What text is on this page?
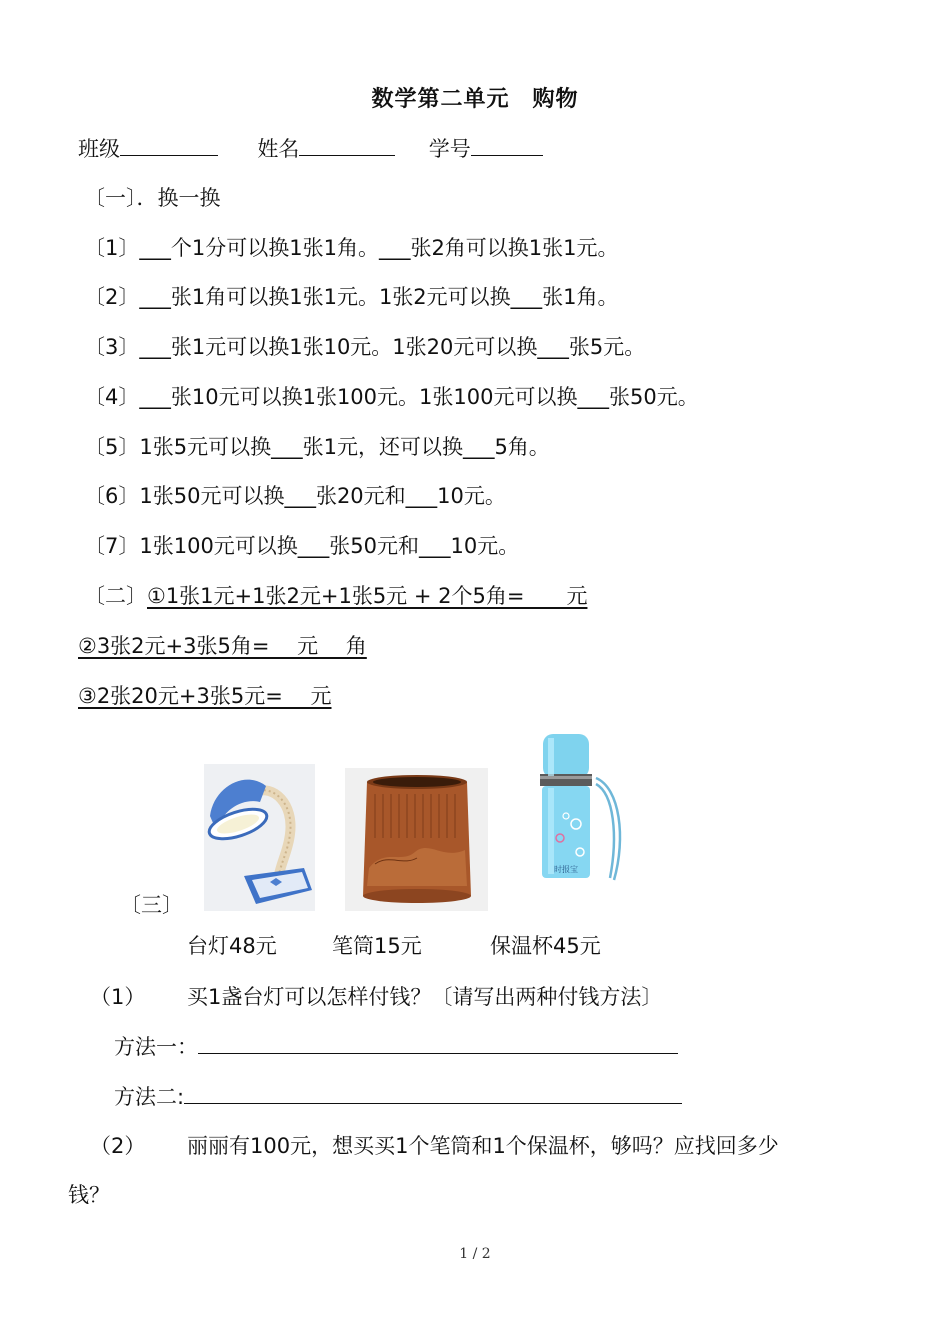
数学第二单元　购物
班级	姓名	学号
〔一〕．换一换
〔1〕___个1分可以换1张1角。___张2角可以换1张1元。
〔2〕___张1角可以换1张1元。1张2元可以换___张1角。
〔3〕___张1元可以换1张10元。1张20元可以换___张5元。
〔4〕___张10元可以换1张100元。1张100元可以换___张50元。
〔5〕1张5元可以换___张1元，还可以换___5角。
〔6〕1张50元可以换___张20元和___10元。
〔7〕1张100元可以换___张50元和___10元。
〔二〕①1张1元+1张2元+1张5元 + 2个5角=　　元
②3张2元+3张5角=　 元　 角
③2张20元+3张5元=　 元
时报宝
〔三〕
台灯48元	笔筒15元	保温杯45元
（1） 买1盏台灯可以怎样付钱？〔请写出两种付钱方法〕
方法一：
方法二:
（2） 丽丽有100元，想买买1个笔筒和1个保温杯，够吗？应找回多少
钱？
1 / 2
